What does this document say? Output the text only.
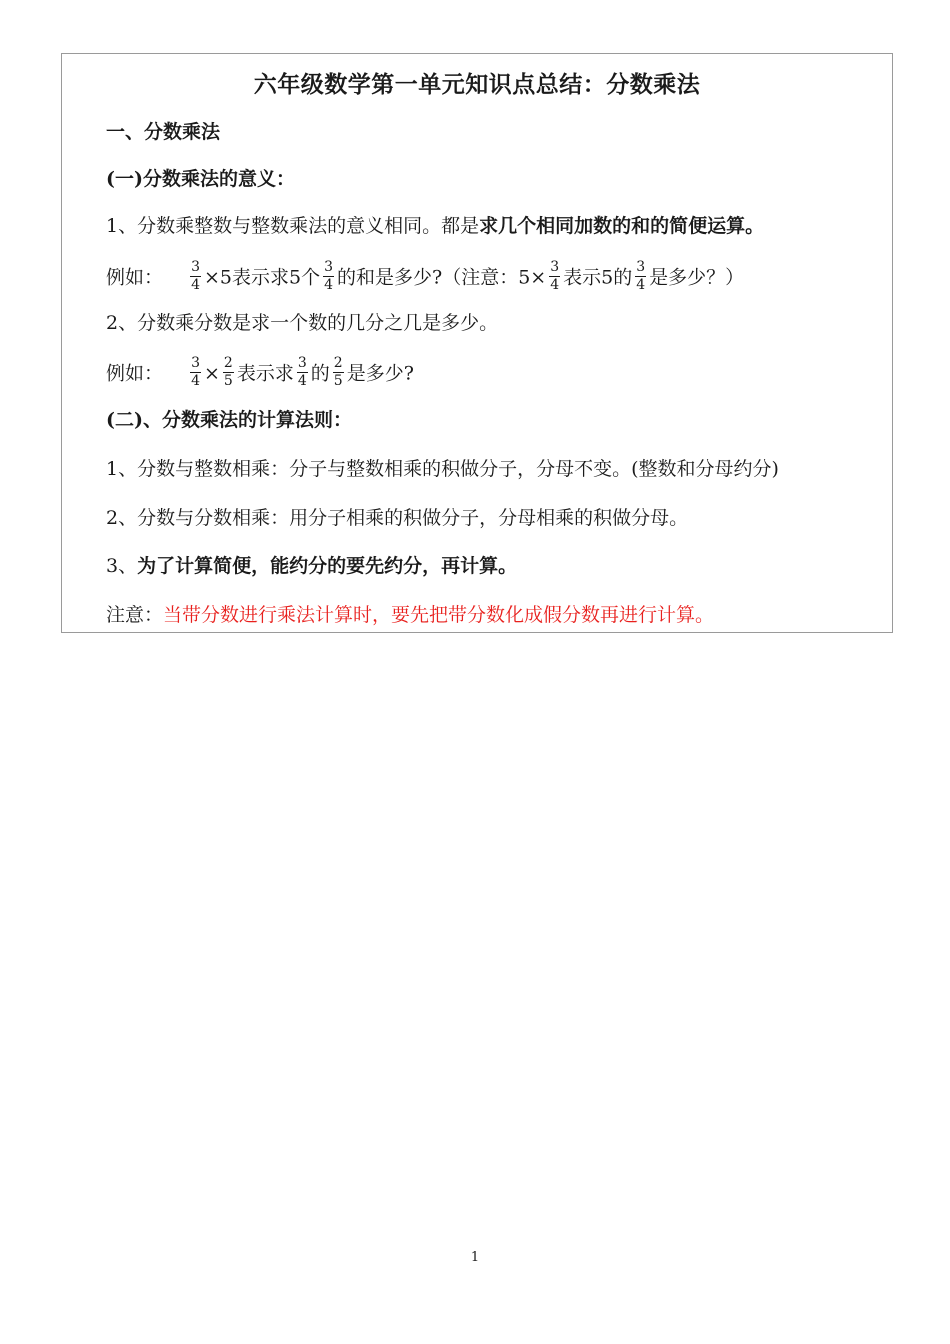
六年级数学第一单元知识点总结：分数乘法
一、分数乘法
(一)分数乘法的意义：
1、分数乘整数与整数乘法的意义相同。都是求几个相同加数的和的简便运算。
例如： $\frac{3}{4} \times 5$表示求5个 $\frac{3}{4}$ 的和是多少?（注意：$5\times \frac{3}{4}$ 表示5的 $\frac{3}{4}$ 是多少？）
2、分数乘分数是求一个数的几分之几是多少。
例如： $\frac{3}{4} \times \frac{2}{5}$ 表示求 $\frac{3}{4}$ 的 $\frac{2}{5}$ 是多少?
(二)、分数乘法的计算法则：
1、分数与整数相乘：分子与整数相乘的积做分子，分母不变。(整数和分母约分)
2、分数与分数相乘：用分子相乘的积做分子，分母相乘的积做分母。
3、为了计算简便，能约分的要先约分，再计算。
注意：当带分数进行乘法计算时，要先把带分数化成假分数再进行计算。
1
